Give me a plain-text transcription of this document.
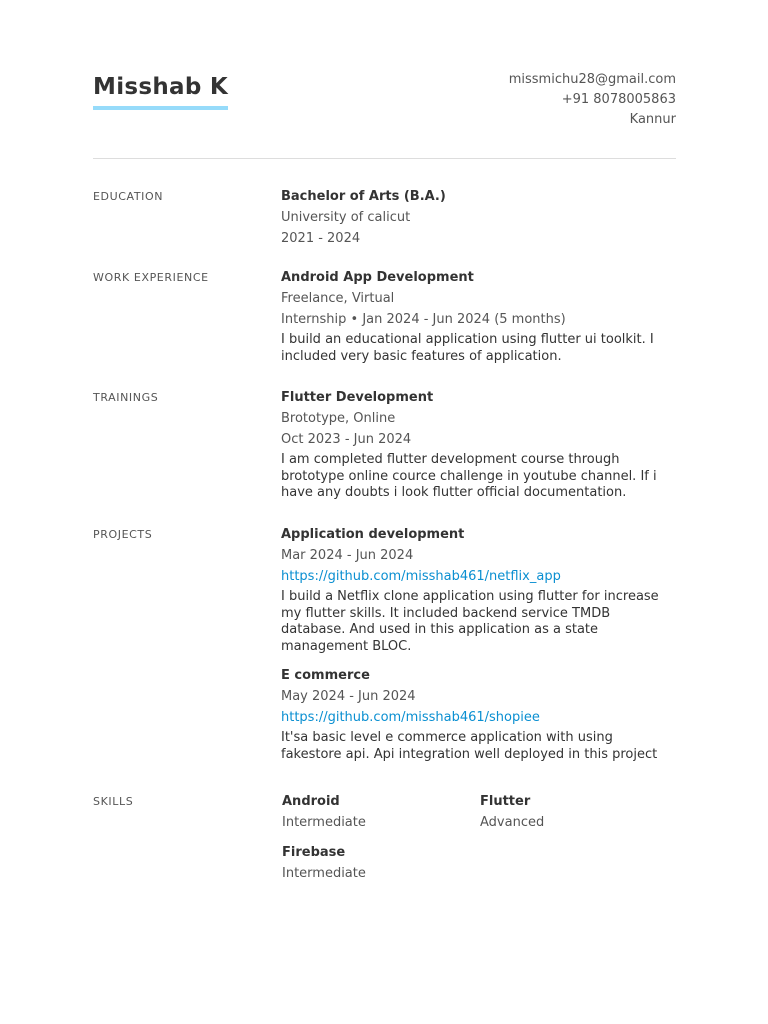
Misshab K	missmichu28@gmail.com
+91 8078005863
Kannur
EDUCATION	Bachelor of Arts (B.A.)
University of calicut
2021 - 2024
WORK EXPERIENCE	Android App Development
Freelance, Virtual
Internship • Jan 2024 - Jun 2024 (5 months)
I build an educational application using flutter ui toolkit. I included very basic features of application.
TRAININGS	Flutter Development
Brototype, Online
Oct 2023 - Jun 2024
I am completed flutter development course through brototype online cource challenge in youtube channel. If i have any doubts i look flutter official documentation.
PROJECTS	Application development
Mar 2024 - Jun 2024
https://github.com/misshab461/netflix_app
I build a Netflix clone application using flutter for increase my flutter skills. It included backend service TMDB database. And used in this application as a state management BLOC.
E commerce
May 2024 - Jun 2024
https://github.com/misshab461/shopiee
It'sa basic level e commerce application with using fakestore api. Api integration well deployed in this project
SKILLS	Android
Intermediate
Flutter
Advanced
Firebase
Intermediate
